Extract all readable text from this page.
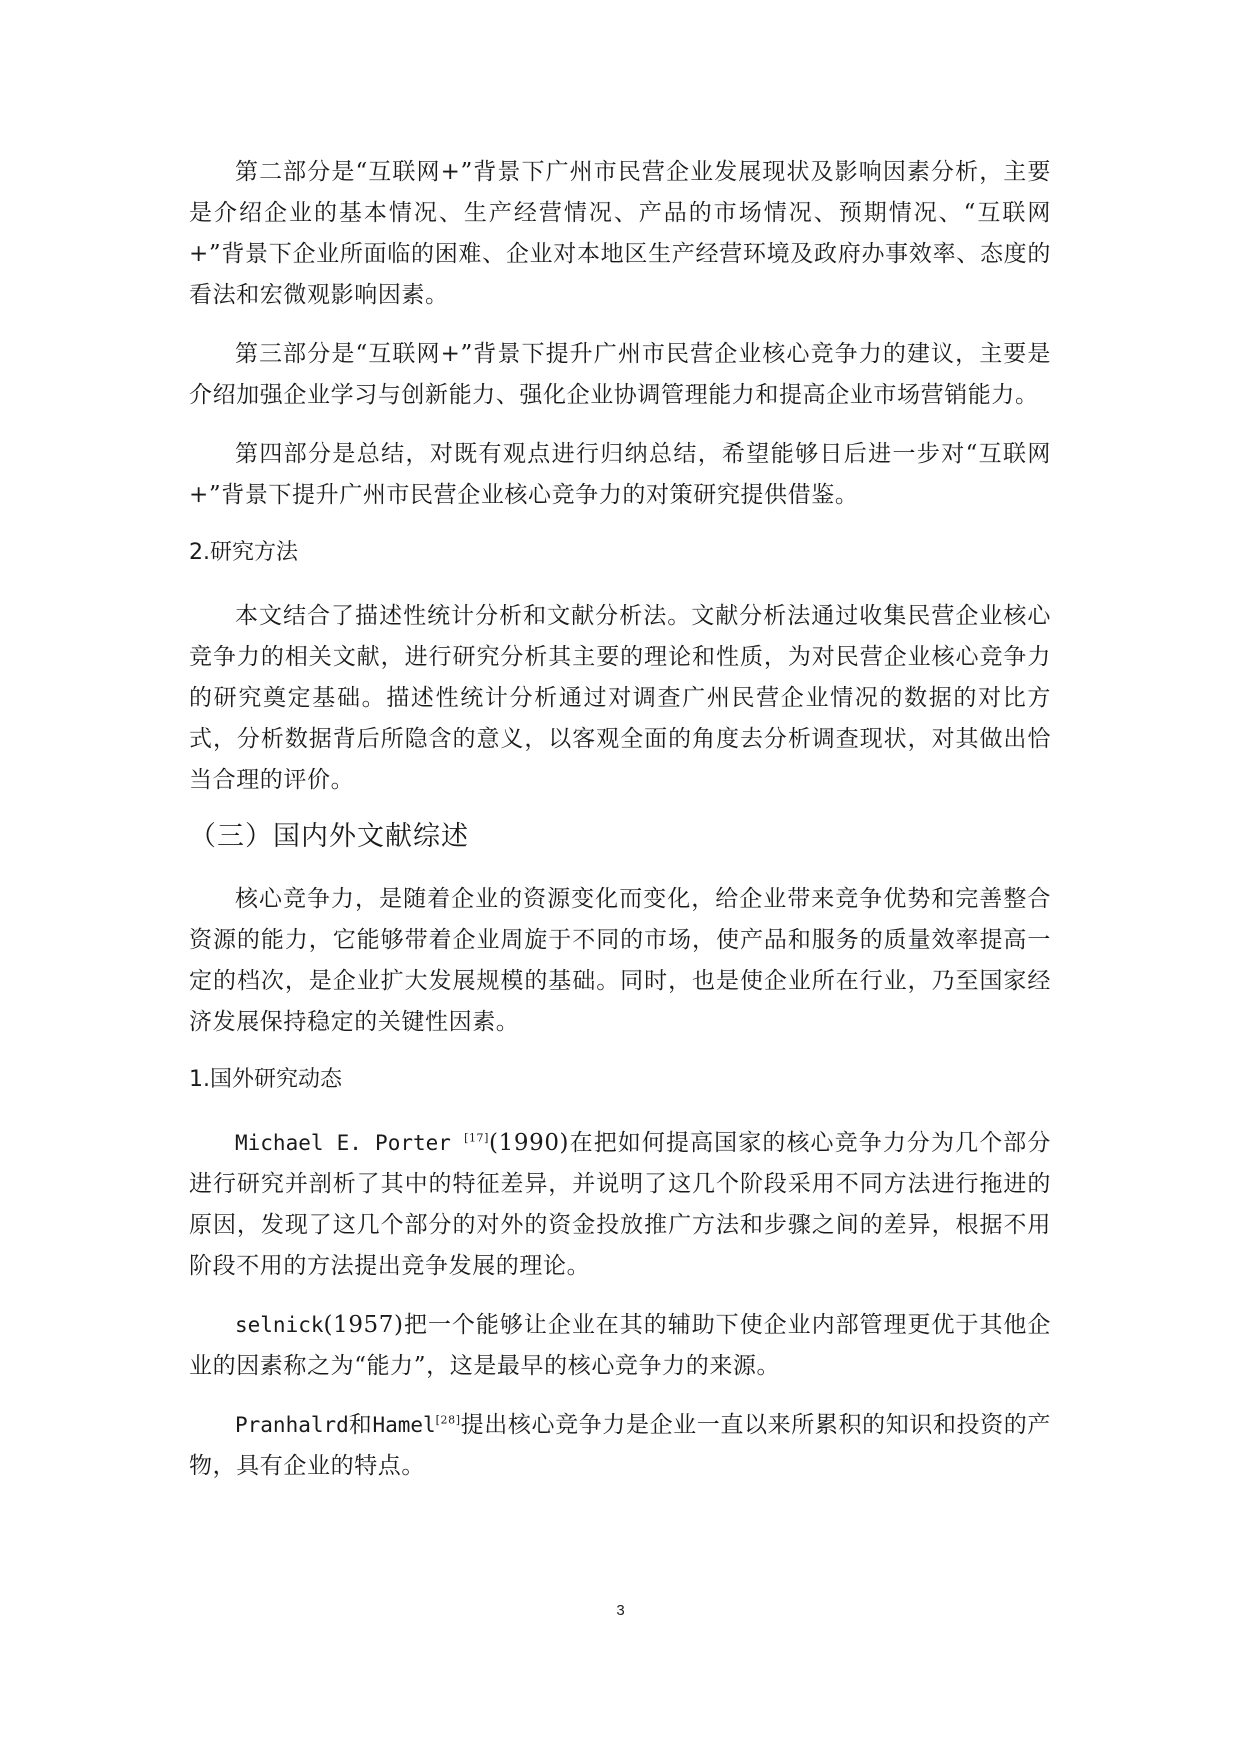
第二部分是“互联网+”背景下广州市民营企业发展现状及影响因素分析，主要是介绍企业的基本情况、生产经营情况、产品的市场情况、预期情况、“互联网+”背景下企业所面临的困难、企业对本地区生产经营环境及政府办事效率、态度的看法和宏微观影响因素。

第三部分是“互联网+”背景下提升广州市民营企业核心竞争力的建议，主要是介绍加强企业学习与创新能力、强化企业协调管理能力和提高企业市场营销能力。

第四部分是总结，对既有观点进行归纳总结，希望能够日后进一步对“互联网+”背景下提升广州市民营企业核心竞争力的对策研究提供借鉴。

2.研究方法

本文结合了描述性统计分析和文献分析法。文献分析法通过收集民营企业核心竞争力的相关文献，进行研究分析其主要的理论和性质，为对民营企业核心竞争力的研究奠定基础。描述性统计分析通过对调查广州民营企业情况的数据的对比方式，分析数据背后所隐含的意义，以客观全面的角度去分析调查现状，对其做出恰当合理的评价。

（三）国内外文献综述

核心竞争力，是随着企业的资源变化而变化，给企业带来竞争优势和完善整合资源的能力，它能够带着企业周旋于不同的市场，使产品和服务的质量效率提高一定的档次，是企业扩大发展规模的基础。同时，也是使企业所在行业，乃至国家经济发展保持稳定的关键性因素。

1.国外研究动态

Michael E. Porter [17](1990)在把如何提高国家的核心竞争力分为几个部分进行研究并剖析了其中的特征差异，并说明了这几个阶段采用不同方法进行拖进的原因，发现了这几个部分的对外的资金投放推广方法和步骤之间的差异，根据不用阶段不用的方法提出竞争发展的理论。

selnick(1957)把一个能够让企业在其的辅助下使企业内部管理更优于其他企业的因素称之为“能力”，这是最早的核心竞争力的来源。

Pranhalrd和Hamel[28]提出核心竞争力是企业一直以来所累积的知识和投资的产物，具有企业的特点。

3
